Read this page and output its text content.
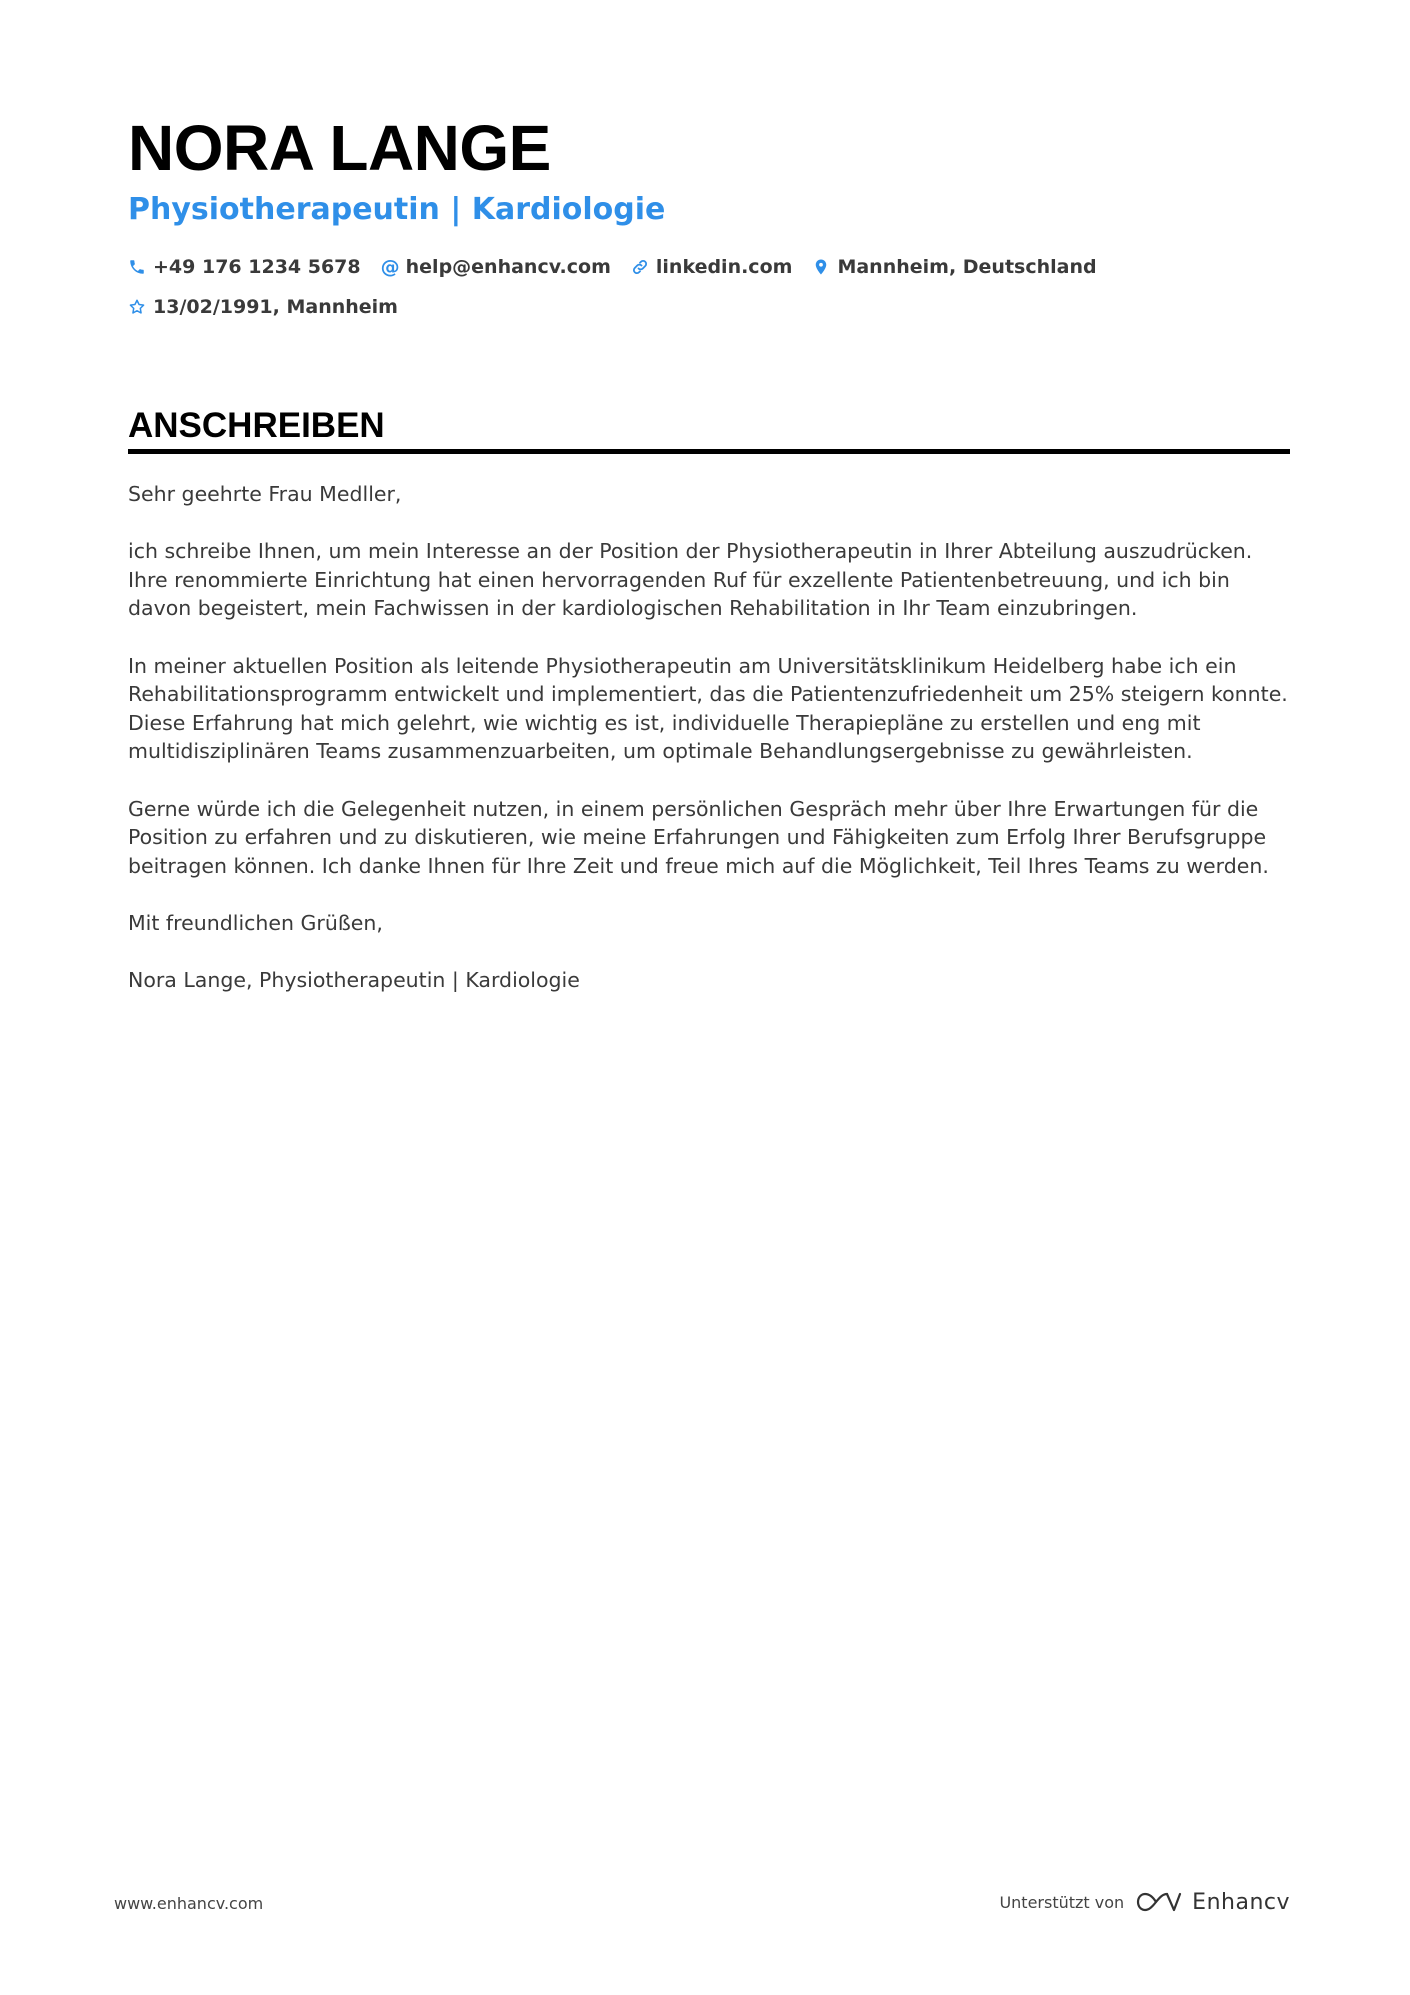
NORA LANGE
Physiotherapeutin | Kardiologie
+49 176 1234 5678 @ help@enhancv.com linkedin.com Mannheim, Deutschland
13/02/1991, Mannheim
ANSCHREIBEN

Sehr geehrte Frau Medller,

ich schreibe Ihnen, um mein Interesse an der Position der Physiotherapeutin in Ihrer Abteilung auszudrücken. Ihre renommierte Einrichtung hat einen hervorragenden Ruf für exzellente Patientenbetreuung, und ich bin davon begeistert, mein Fachwissen in der kardiologischen Rehabilitation in Ihr Team einzubringen.

In meiner aktuellen Position als leitende Physiotherapeutin am Universitätsklinikum Heidelberg habe ich ein Rehabilitationsprogramm entwickelt und implementiert, das die Patientenzufriedenheit um 25% steigern konnte. Diese Erfahrung hat mich gelehrt, wie wichtig es ist, individuelle Therapiepläne zu erstellen und eng mit multidisziplinären Teams zusammenzuarbeiten, um optimale Behandlungsergebnisse zu gewährleisten.

Gerne würde ich die Gelegenheit nutzen, in einem persönlichen Gespräch mehr über Ihre Erwartungen für die Position zu erfahren und zu diskutieren, wie meine Erfahrungen und Fähigkeiten zum Erfolg Ihrer Berufsgruppe beitragen können. Ich danke Ihnen für Ihre Zeit und freue mich auf die Möglichkeit, Teil Ihres Teams zu werden.

Mit freundlichen Grüßen,

Nora Lange, Physiotherapeutin | Kardiologie

www.enhancv.com	Unterstützt von	Enhancv
